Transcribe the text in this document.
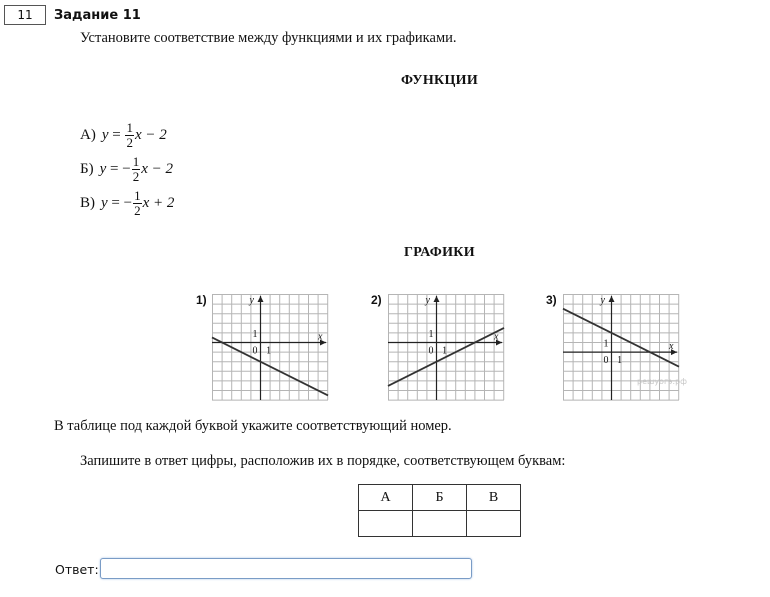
11	Задание 11
Установите соответствие между функциями и их графиками.
ФУНКЦИИ
А) y
=
$\frac{1}{2}$ x − 2
Б) y
=
− $\frac{1}{2}$ x − 2
В) y
=
− $\frac{1}{2}$ x + 2
ГРАФИКИ
1)	2)	3)
x
y
0 1
1	x
y
0 1
1
x
y
0 1
1
решуогэ.рф
В таблице под каждой буквой укажите соответствующий номер.
Запишите в ответ цифры, расположив их в порядке, соответствующем буквам:
А	Б	В

Ответ:
